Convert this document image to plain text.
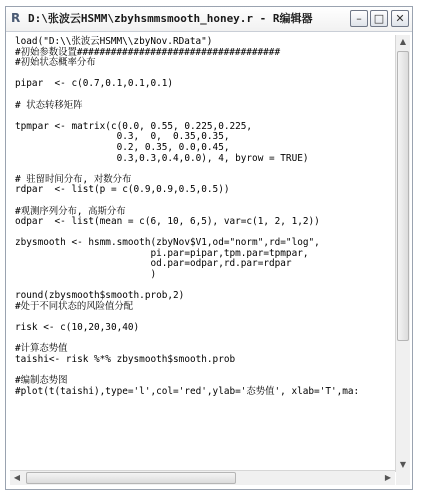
R D:\张波云HSMM\zbyhsmmsmooth_honey.r - R编辑器	–	□	✕
load("D:\\张波云HSMM\\zbyNov.RData")
#初始参数设置####################################
#初始状态概率分布

pipar  <- c(0.7,0.1,0.1,0.1)

# 状态转移矩阵

tpmpar <- matrix(c(0.0, 0.55, 0.225,0.225,
0.3,  0,  0.35,0.35,
0.2, 0.35, 0.0,0.45,
0.3,0.3,0.4,0.0), 4, byrow = TRUE)

# 驻留时间分布, 对数分布
rdpar  <- list(p = c(0.9,0.9,0.5,0.5))

#观测序列分布, 高斯分布
odpar  <- list(mean = c(6, 10, 6,5), var=c(1, 2, 1,2))

zbysmooth <- hsmm.smooth(zbyNov$V1,od="norm",rd="log",
pi.par=pipar,tpm.par=tpmpar,
od.par=odpar,rd.par=rdpar
)

round(zbysmooth$smooth.prob,2)
#处于不同状态的风险值分配

risk <- c(10,20,30,40)

#计算态势值
taishi<- risk %*% zbysmooth$smooth.prob

#编制态势图
#plot(t(taishi),type='l',col='red',ylab='态势值', xlab='T',ma:

▲
▼
◀	▶
